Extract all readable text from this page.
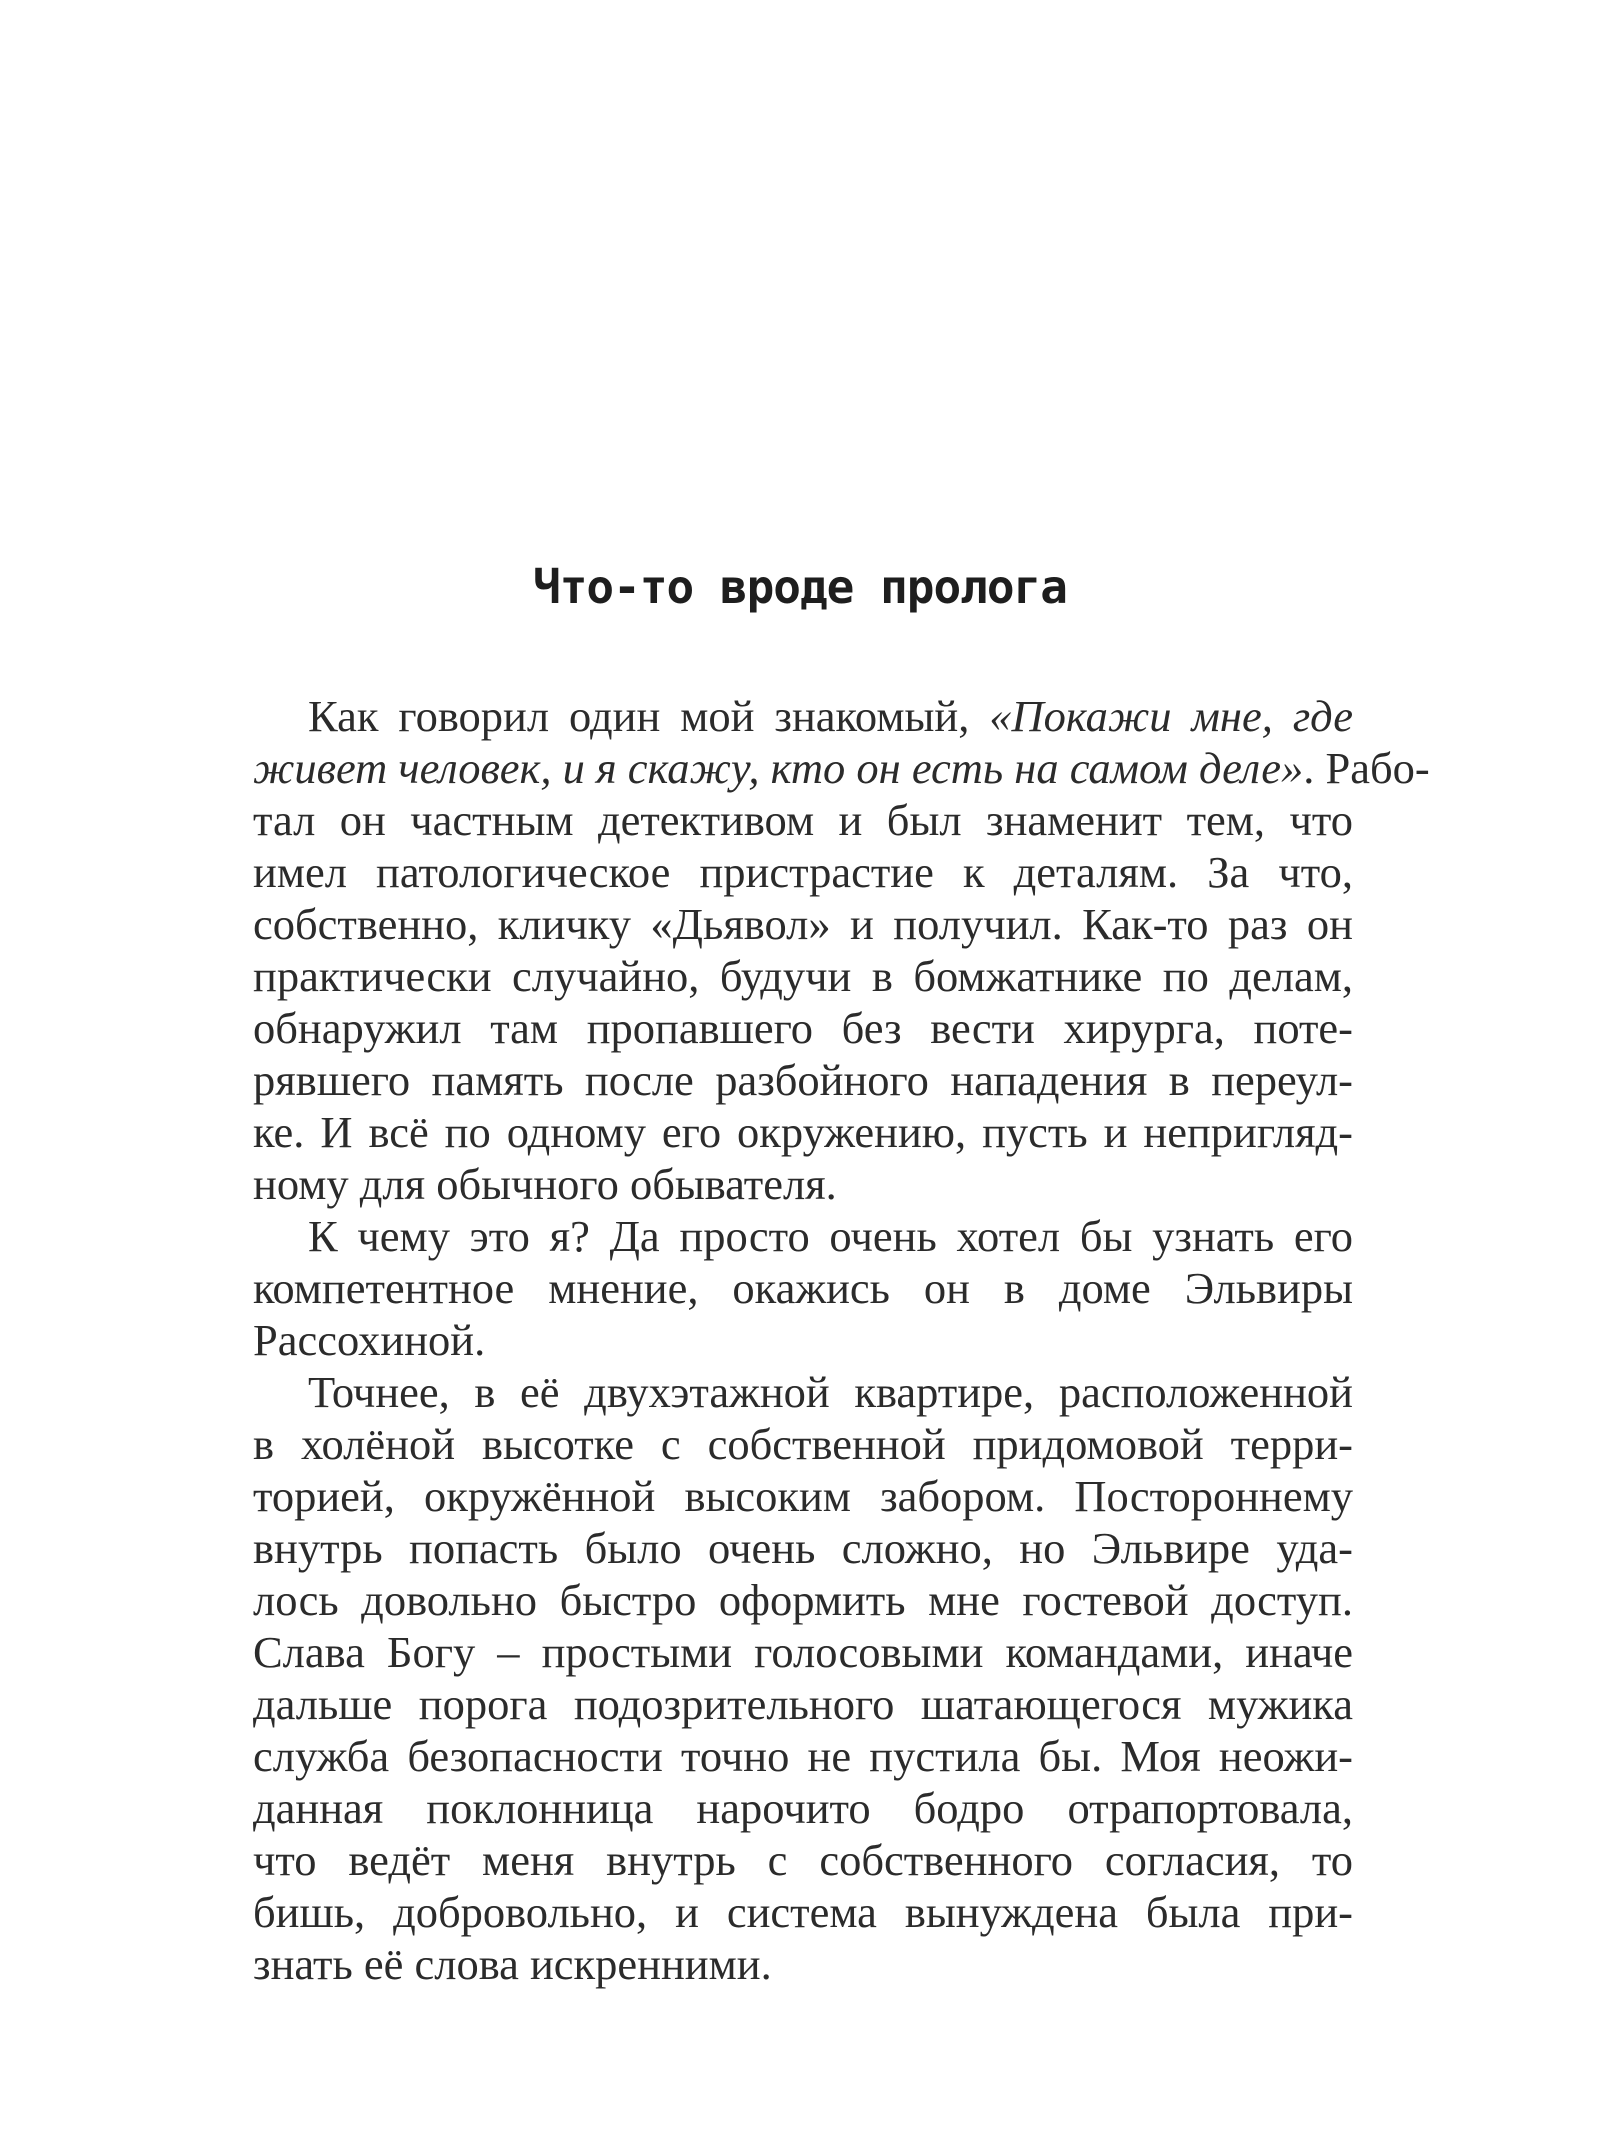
Что-то вроде пролога
Как говорил один мой знакомый, «Покажи мне, где
живет человек, и я скажу, кто он есть на самом деле». Рабо-
тал он частным детективом и был знаменит тем, что
имел патологическое пристрастие к деталям. За что,
собственно, кличку «Дьявол» и получил. Как-то раз он
практически случайно, будучи в бомжатнике по делам,
обнаружил там пропавшего без вести хирурга, поте-
рявшего память после разбойного нападения в переул-
ке. И всё по одному его окружению, пусть и непригляд-
ному для обычного обывателя.
К чему это я? Да просто очень хотел бы узнать его
компетентное мнение, окажись он в доме Эльвиры
Рассохиной.
Точнее, в её двухэтажной квартире, расположенной
в холёной высотке с собственной придомовой терри-
торией, окружённой высоким забором. Постороннему
внутрь попасть было очень сложно, но Эльвире уда-
лось довольно быстро оформить мне гостевой доступ.
Слава Богу – простыми голосовыми командами, иначе
дальше порога подозрительного шатающегося мужика
служба безопасности точно не пустила бы. Моя неожи-
данная поклонница нарочито бодро отрапортовала,
что ведёт меня внутрь с собственного согласия, то
бишь, добровольно, и система вынуждена была при-
знать её слова искренними.
